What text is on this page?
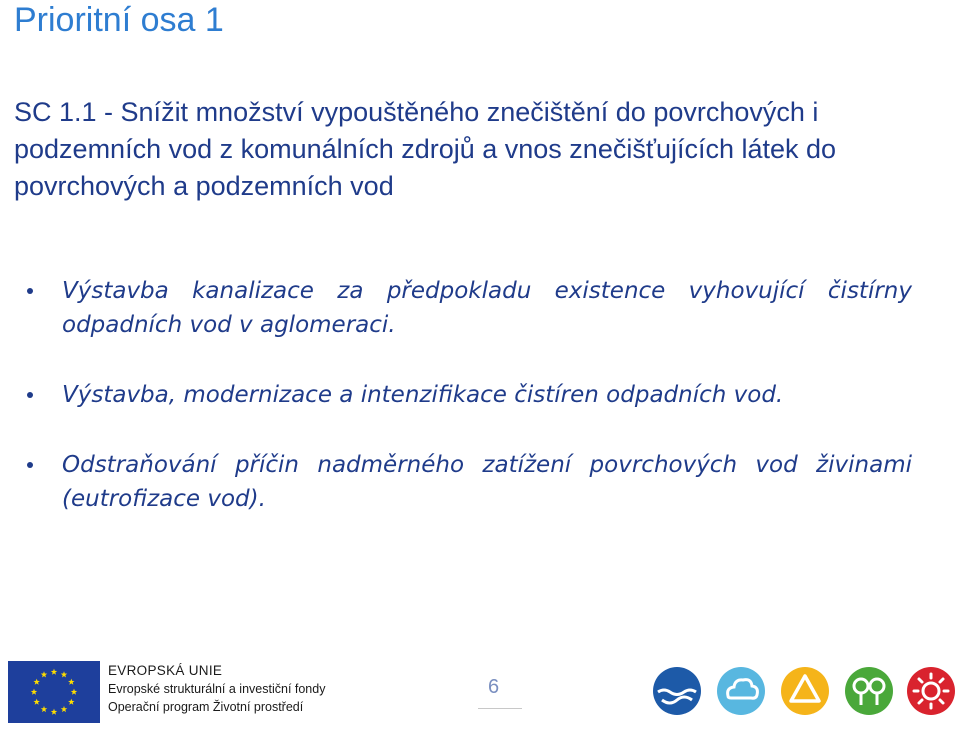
Prioritní osa 1
SC 1.1 - Snížit množství vypouštěného znečištění do povrchových i podzemních vod z komunálních zdrojů a vnos znečišťujících látek do povrchových a podzemních vod
Výstavba kanalizace za předpokladu existence vyhovující čistírny odpadních vod v aglomeraci.
Výstavba, modernizace a intenzifikace čistíren odpadních vod.
Odstraňování příčin nadměrného zatížení povrchových vod živinami (eutrofizace vod).
EVROPSKÁ UNIE
Evropské strukturální a investiční fondy
Operační program Životní prostředí
6
